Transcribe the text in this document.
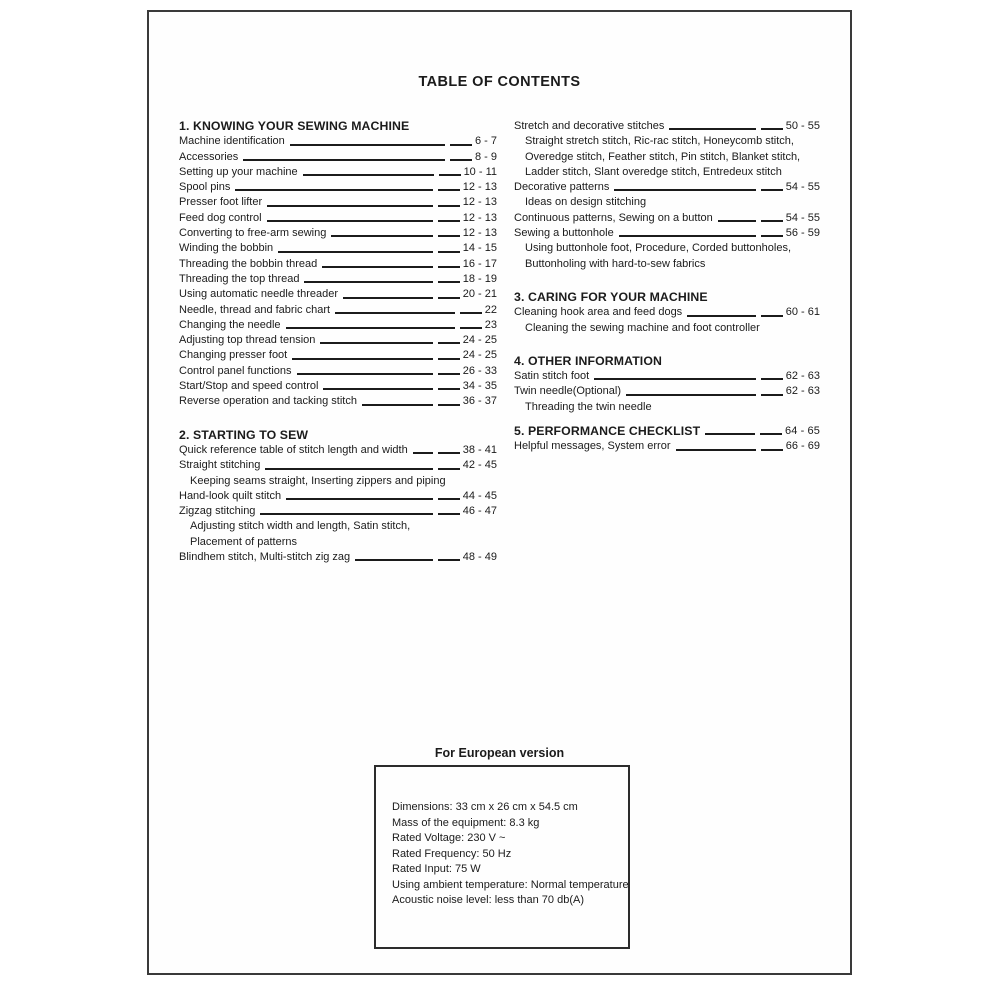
TABLE OF CONTENTS
1. KNOWING YOUR SEWING MACHINE
Machine identification	6 - 7
Accessories	8 - 9
Setting up your machine	10 - 11
Spool pins	12 - 13
Presser foot lifter	12 - 13
Feed dog control	12 - 13
Converting to free-arm sewing	12 - 13
Winding the bobbin	14 - 15
Threading the bobbin thread	16 - 17
Threading the top thread	18 - 19
Using automatic needle threader	20 - 21
Needle, thread and fabric chart	22
Changing the needle	23
Adjusting top thread tension	24 - 25
Changing presser foot	24 - 25
Control panel functions	26 - 33
Start/Stop and speed control	34 - 35
Reverse operation and tacking stitch	36 - 37
2. STARTING TO SEW
Quick reference table of stitch length and width	38 - 41
Straight stitching	42 - 45
Keeping seams straight, Inserting zippers and piping
Hand-look quilt stitch	44 - 45
Zigzag stitching	46 - 47
Adjusting stitch width and length, Satin stitch,
Placement of patterns
Blindhem stitch, Multi-stitch zig zag	48 - 49
Stretch and decorative stitches	50 - 55
Straight stretch stitch, Ric-rac stitch, Honeycomb stitch,
Overedge stitch, Feather stitch, Pin stitch, Blanket stitch,
Ladder stitch, Slant overedge stitch, Entredeux stitch
Decorative patterns	54 - 55
Ideas on design stitching
Continuous patterns, Sewing on a button	54 - 55
Sewing a buttonhole	56 - 59
Using buttonhole foot, Procedure, Corded buttonholes,
Buttonholing with hard-to-sew fabrics
3. CARING FOR YOUR MACHINE
Cleaning hook area and feed dogs	60 - 61
Cleaning the sewing machine and foot controller
4. OTHER INFORMATION
Satin stitch foot	62 - 63
Twin needle(Optional)	62 - 63
Threading the twin needle
5. PERFORMANCE CHECKLIST	64 - 65
Helpful messages, System error	66 - 69
For European version
Dimensions: 33 cm x 26 cm x 54.5 cm
Mass of the equipment: 8.3 kg
Rated Voltage: 230 V ~
Rated Frequency: 50 Hz
Rated Input: 75 W
Using ambient temperature: Normal temperature
Acoustic noise level: less than 70 db(A)
